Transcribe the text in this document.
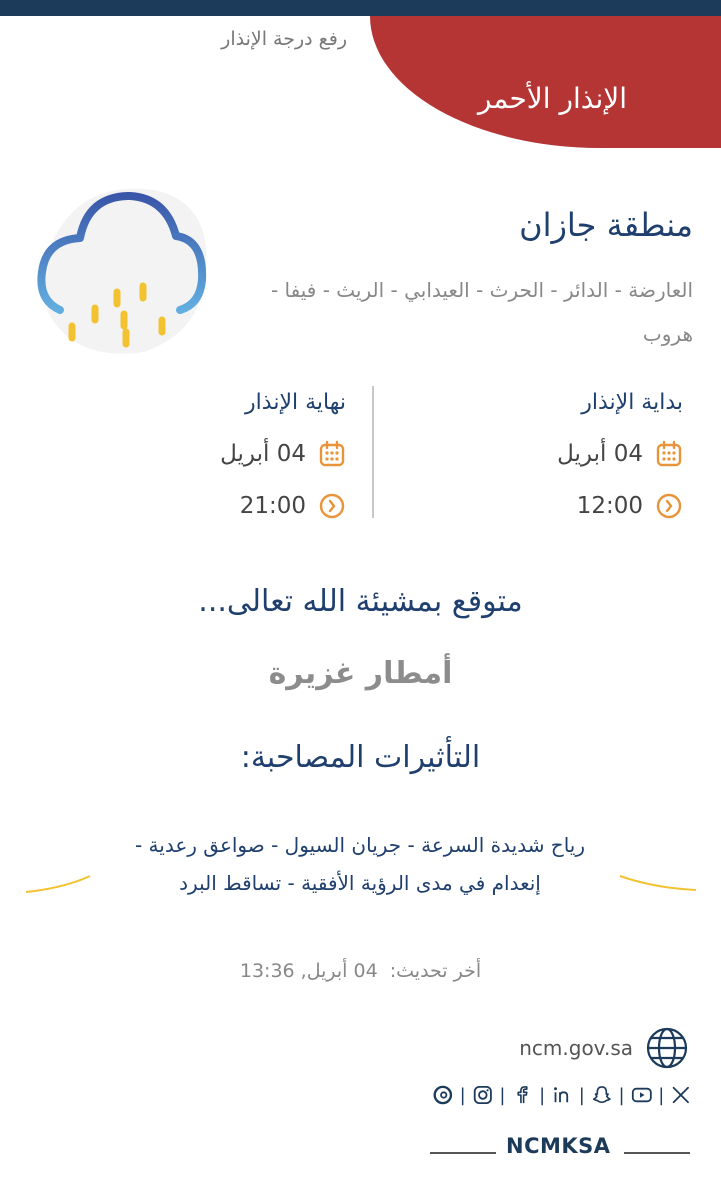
الإنذار الأحمر
رفع درجة الإنذار
منطقة جازان
العارضة - الدائر - الحرث - العيدابي - الريث - فيفا - هروب
بداية الإنذار
04 أبريل
12:00
نهاية الإنذار
04 أبريل
21:00
متوقع بمشيئة الله تعالى...
أمطار غزيرة
التأثيرات المصاحبة:
رياح شديدة السرعة - جريان السيول - صواعق رعدية - إنعدام في مدى الرؤية الأفقية - تساقط البرد
أخر تحديث: 04 أبريل, 13:36
ncm.gov.sa
| | | | | |
NCMKSA
